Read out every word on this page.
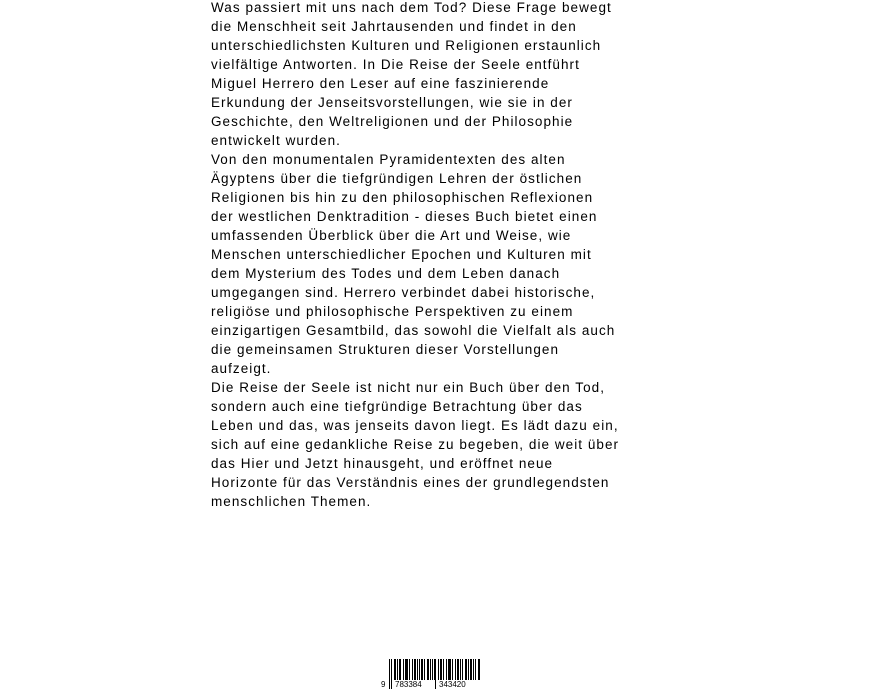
Was passiert mit uns nach dem Tod? Diese Frage bewegt
die Menschheit seit Jahrtausenden und findet in den
unterschiedlichsten Kulturen und Religionen erstaunlich
vielfältige Antworten. In Die Reise der Seele entführt
Miguel Herrero den Leser auf eine faszinierende
Erkundung der Jenseitsvorstellungen, wie sie in der
Geschichte, den Weltreligionen und der Philosophie
entwickelt wurden.

Von den monumentalen Pyramidentexten des alten
Ägyptens über die tiefgründigen Lehren der östlichen
Religionen bis hin zu den philosophischen Reflexionen
der westlichen Denktradition - dieses Buch bietet einen
umfassenden Überblick über die Art und Weise, wie
Menschen unterschiedlicher Epochen und Kulturen mit
dem Mysterium des Todes und dem Leben danach
umgegangen sind. Herrero verbindet dabei historische,
religiöse und philosophische Perspektiven zu einem
einzigartigen Gesamtbild, das sowohl die Vielfalt als auch
die gemeinsamen Strukturen dieser Vorstellungen
aufzeigt.

Die Reise der Seele ist nicht nur ein Buch über den Tod,
sondern auch eine tiefgründige Betrachtung über das
Leben und das, was jenseits davon liegt. Es lädt dazu ein,
sich auf eine gedankliche Reise zu begeben, die weit über
das Hier und Jetzt hinausgeht, und eröffnet neue
Horizonte für das Verständnis eines der grundlegendsten
menschlichen Themen.

9 783384 343420
